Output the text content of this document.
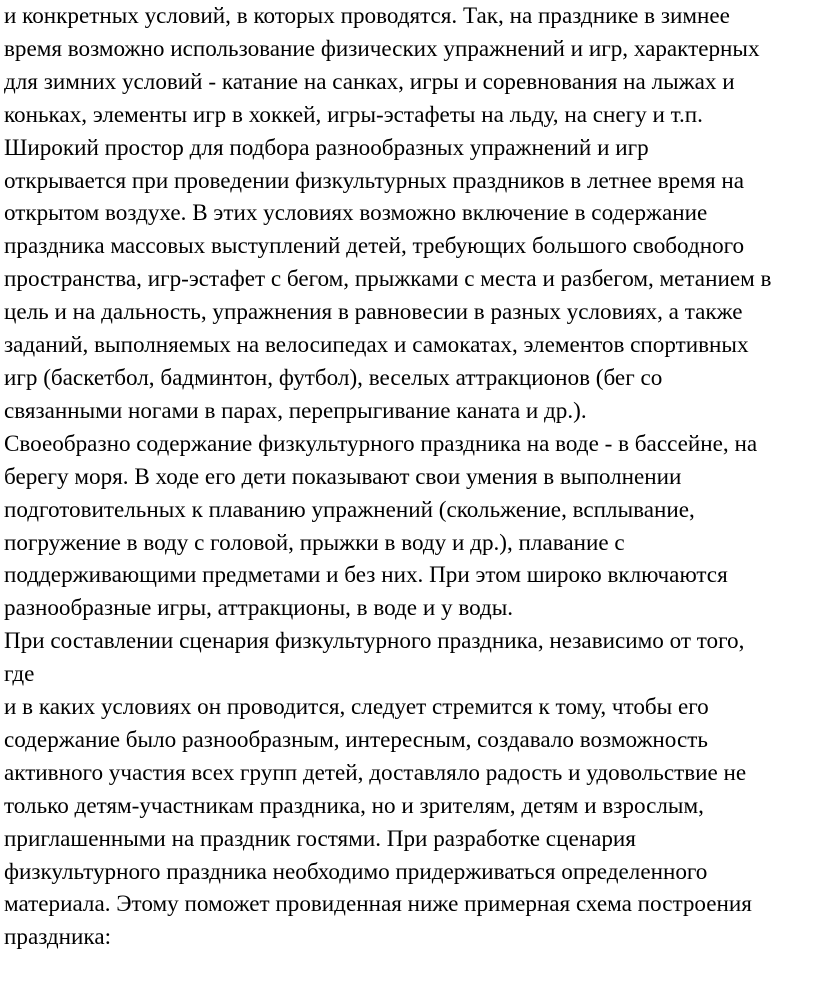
и конкретных условий, в которых проводятся. Так, на празднике в зимнее

время возможно использование физических упражнений и игр, характерных

для зимних условий - катание на санках, игры и соревнования на лыжах и

коньках, элементы игр в хоккей, игры-эстафеты на льду, на снегу и т.п.

Широкий простор для подбора разнообразных упражнений и игр

открывается при проведении физкультурных праздников в летнее время на

открытом воздухе. В этих условиях возможно включение в содержание

праздника массовых выступлений детей, требующих большого свободного

пространства, игр-эстафет с бегом, прыжками с места и разбегом, метанием в

цель и на дальность, упражнения в равновесии в разных условиях, а также

заданий, выполняемых на велосипедах и самокатах, элементов спортивных

игр (баскетбол, бадминтон, футбол), веселых аттракционов (бег со

связанными ногами в парах, перепрыгивание каната и др.).

Своеобразно содержание физкультурного праздника на воде - в бассейне, на

берегу моря. В ходе его дети показывают свои умения в выполнении

подготовительных к плаванию упражнений (скольжение, всплывание,

погружение в воду с головой, прыжки в воду и др.), плавание с

поддерживающими предметами и без них. При этом широко включаются

разнообразные игры, аттракционы, в воде и у воды.

При составлении сценария физкультурного праздника, независимо от того,

где

и в каких условиях он проводится, следует стремится к тому, чтобы его

содержание было разнообразным, интересным, создавало возможность

активного участия всех групп детей, доставляло радость и удовольствие не

только детям-участникам праздника, но и зрителям, детям и взрослым,

приглашенными на праздник гостями. При разработке сценария

физкультурного праздника необходимо придерживаться определенного

материала. Этому поможет провиденная ниже примерная схема построения

праздника:
